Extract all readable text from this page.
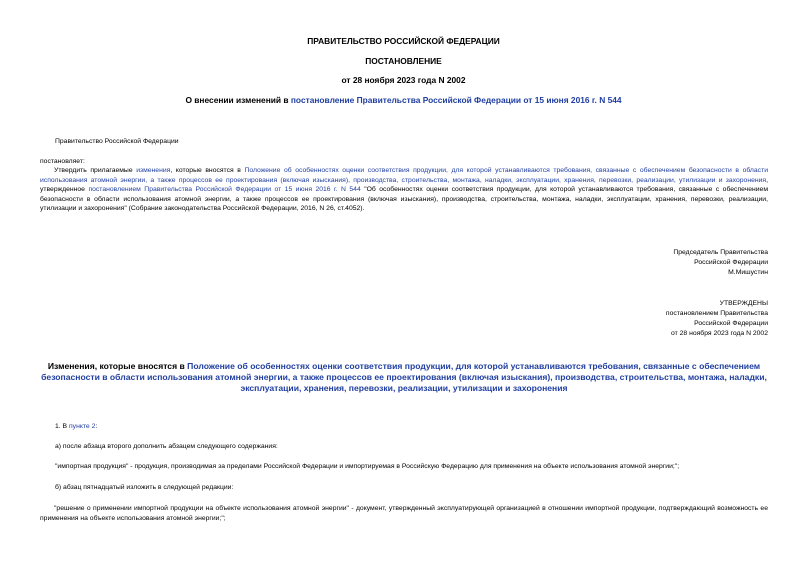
ПРАВИТЕЛЬСТВО РОССИЙСКОЙ ФЕДЕРАЦИИ
ПОСТАНОВЛЕНИЕ
от 28 ноября 2023 года N 2002
О внесении изменений в постановление Правительства Российской Федерации от 15 июня 2016 г. N 544
Правительство Российской Федерации
постановляет:
Утвердить прилагаемые изменения, которые вносятся в Положение об особенностях оценки соответствия продукции, для которой устанавливаются требования, связанные с обеспечением безопасности в области использования атомной энергии, а также процессов ее проектирования (включая изыскания), производства, строительства, монтажа, наладки, эксплуатации, хранения, перевозки, реализации, утилизации и захоронения, утвержденное постановлением Правительства Российской Федерации от 15 июня 2016 г. N 544 "Об особенностях оценки соответствия продукции, для которой устанавливаются требования, связанные с обеспечением безопасности в области использования атомной энергии, а также процессов ее проектирования (включая изыскания), производства, строительства, монтажа, наладки, эксплуатации, хранения, перевозки, реализации, утилизации и захоронения" (Собрание законодательства Российской Федерации, 2016, N 26, ст.4052).
Председатель Правительства
Российской Федерации
М.Мишустин
УТВЕРЖДЕНЫ
постановлением Правительства
Российской Федерации
от 28 ноября 2023 года N 2002
Изменения, которые вносятся в Положение об особенностях оценки соответствия продукции, для которой устанавливаются требования, связанные с обеспечением безопасности в области использования атомной энергии, а также процессов ее проектирования (включая изыскания), производства, строительства, монтажа, наладки, эксплуатации, хранения, перевозки, реализации, утилизации и захоронения
1. В пункте 2:
а) после абзаца второго дополнить абзацем следующего содержания:
"импортная продукция" - продукция, производимая за пределами Российской Федерации и импортируемая в Российскую Федерацию для применения на объекте использования атомной энергии;";
б) абзац пятнадцатый изложить в следующей редакции:
"решение о применении импортной продукции на объекте использования атомной энергии" - документ, утвержденный эксплуатирующей организацией в отношении импортной продукции, подтверждающий возможность ее применения на объекте использования атомной энергии;";
